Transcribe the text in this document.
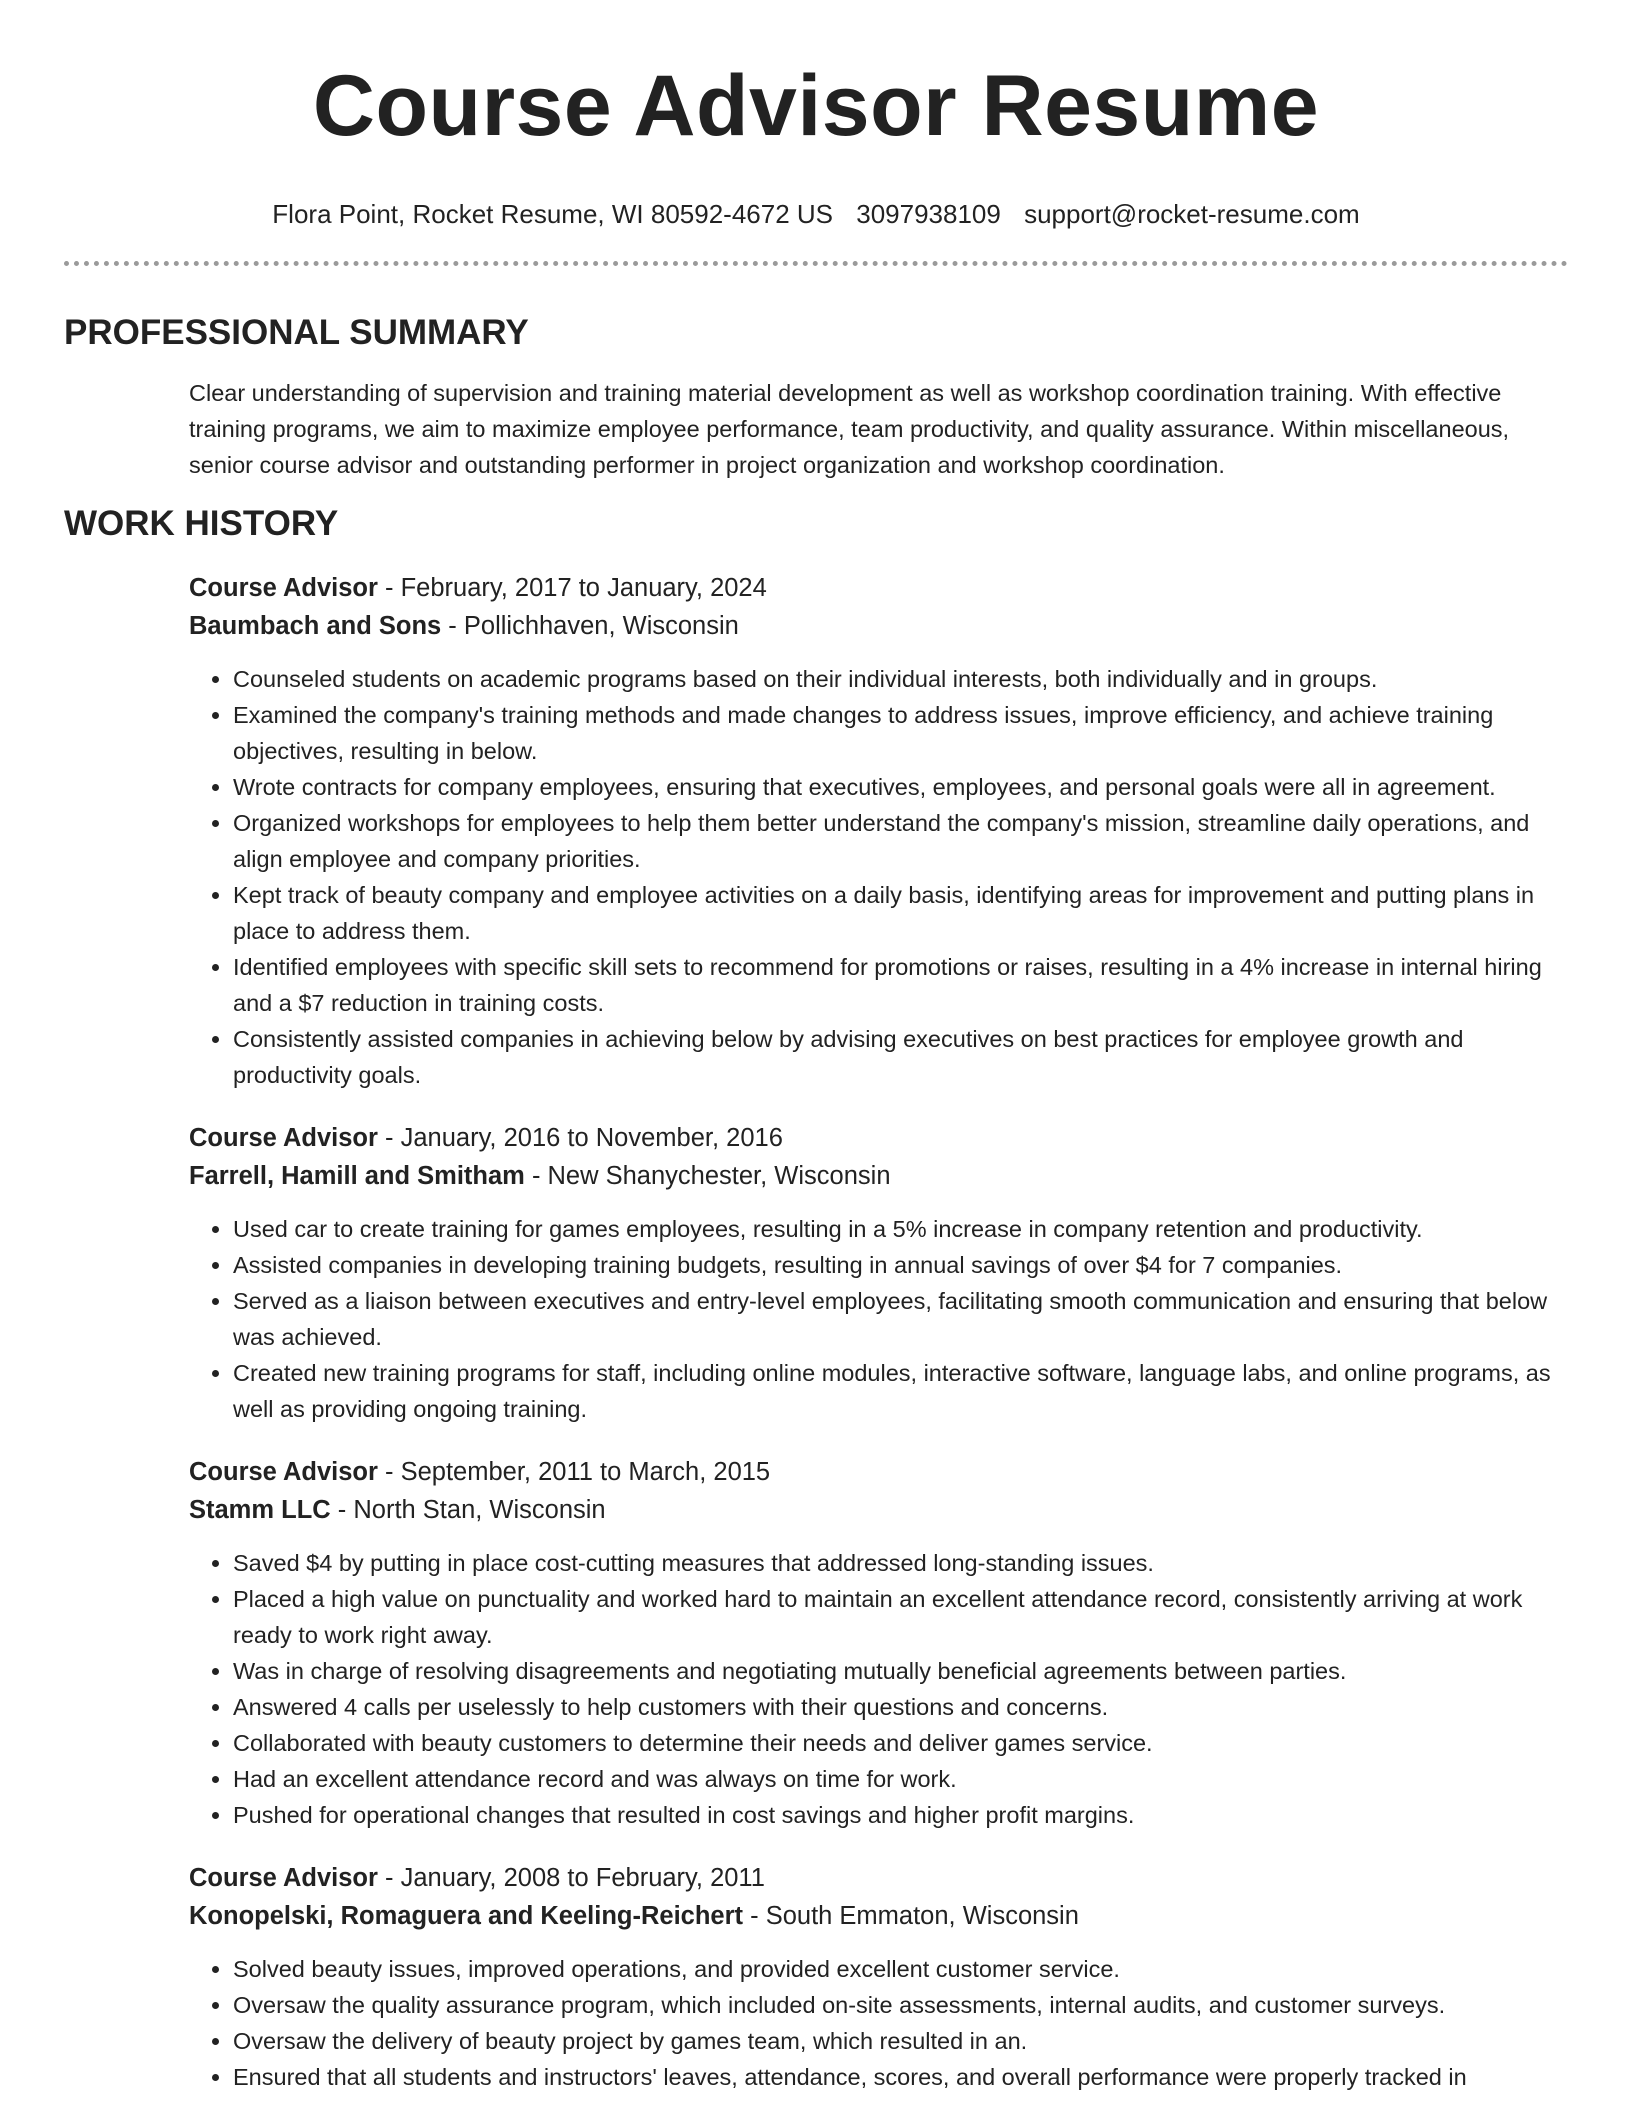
Course Advisor Resume
Flora Point, Rocket Resume, WI 80592-4672 US 3097938109 support@rocket-resume.com
PROFESSIONAL SUMMARY
Clear understanding of supervision and training material development as well as workshop coordination training. With effective training programs, we aim to maximize employee performance, team productivity, and quality assurance. Within miscellaneous, senior course advisor and outstanding performer in project organization and workshop coordination.
WORK HISTORY
Course Advisor - February, 2017 to January, 2024
Baumbach and Sons - Pollichhaven, Wisconsin
• Counseled students on academic programs based on their individual interests, both individually and in groups.
• Examined the company's training methods and made changes to address issues, improve efficiency, and achieve training objectives, resulting in below.
• Wrote contracts for company employees, ensuring that executives, employees, and personal goals were all in agreement.
• Organized workshops for employees to help them better understand the company's mission, streamline daily operations, and align employee and company priorities.
• Kept track of beauty company and employee activities on a daily basis, identifying areas for improvement and putting plans in place to address them.
• Identified employees with specific skill sets to recommend for promotions or raises, resulting in a 4% increase in internal hiring and a $7 reduction in training costs.
• Consistently assisted companies in achieving below by advising executives on best practices for employee growth and productivity goals.
Course Advisor - January, 2016 to November, 2016
Farrell, Hamill and Smitham - New Shanychester, Wisconsin
• Used car to create training for games employees, resulting in a 5% increase in company retention and productivity.
• Assisted companies in developing training budgets, resulting in annual savings of over $4 for 7 companies.
• Served as a liaison between executives and entry-level employees, facilitating smooth communication and ensuring that below was achieved.
• Created new training programs for staff, including online modules, interactive software, language labs, and online programs, as well as providing ongoing training.
Course Advisor - September, 2011 to March, 2015
Stamm LLC - North Stan, Wisconsin
• Saved $4 by putting in place cost-cutting measures that addressed long-standing issues.
• Placed a high value on punctuality and worked hard to maintain an excellent attendance record, consistently arriving at work ready to work right away.
• Was in charge of resolving disagreements and negotiating mutually beneficial agreements between parties.
• Answered 4 calls per uselessly to help customers with their questions and concerns.
• Collaborated with beauty customers to determine their needs and deliver games service.
• Had an excellent attendance record and was always on time for work.
• Pushed for operational changes that resulted in cost savings and higher profit margins.
Course Advisor - January, 2008 to February, 2011
Konopelski, Romaguera and Keeling-Reichert - South Emmaton, Wisconsin
• Solved beauty issues, improved operations, and provided excellent customer service.
• Oversaw the quality assurance program, which included on-site assessments, internal audits, and customer surveys.
• Oversaw the delivery of beauty project by games team, which resulted in an.
• Ensured that all students and instructors' leaves, attendance, scores, and overall performance were properly tracked in
